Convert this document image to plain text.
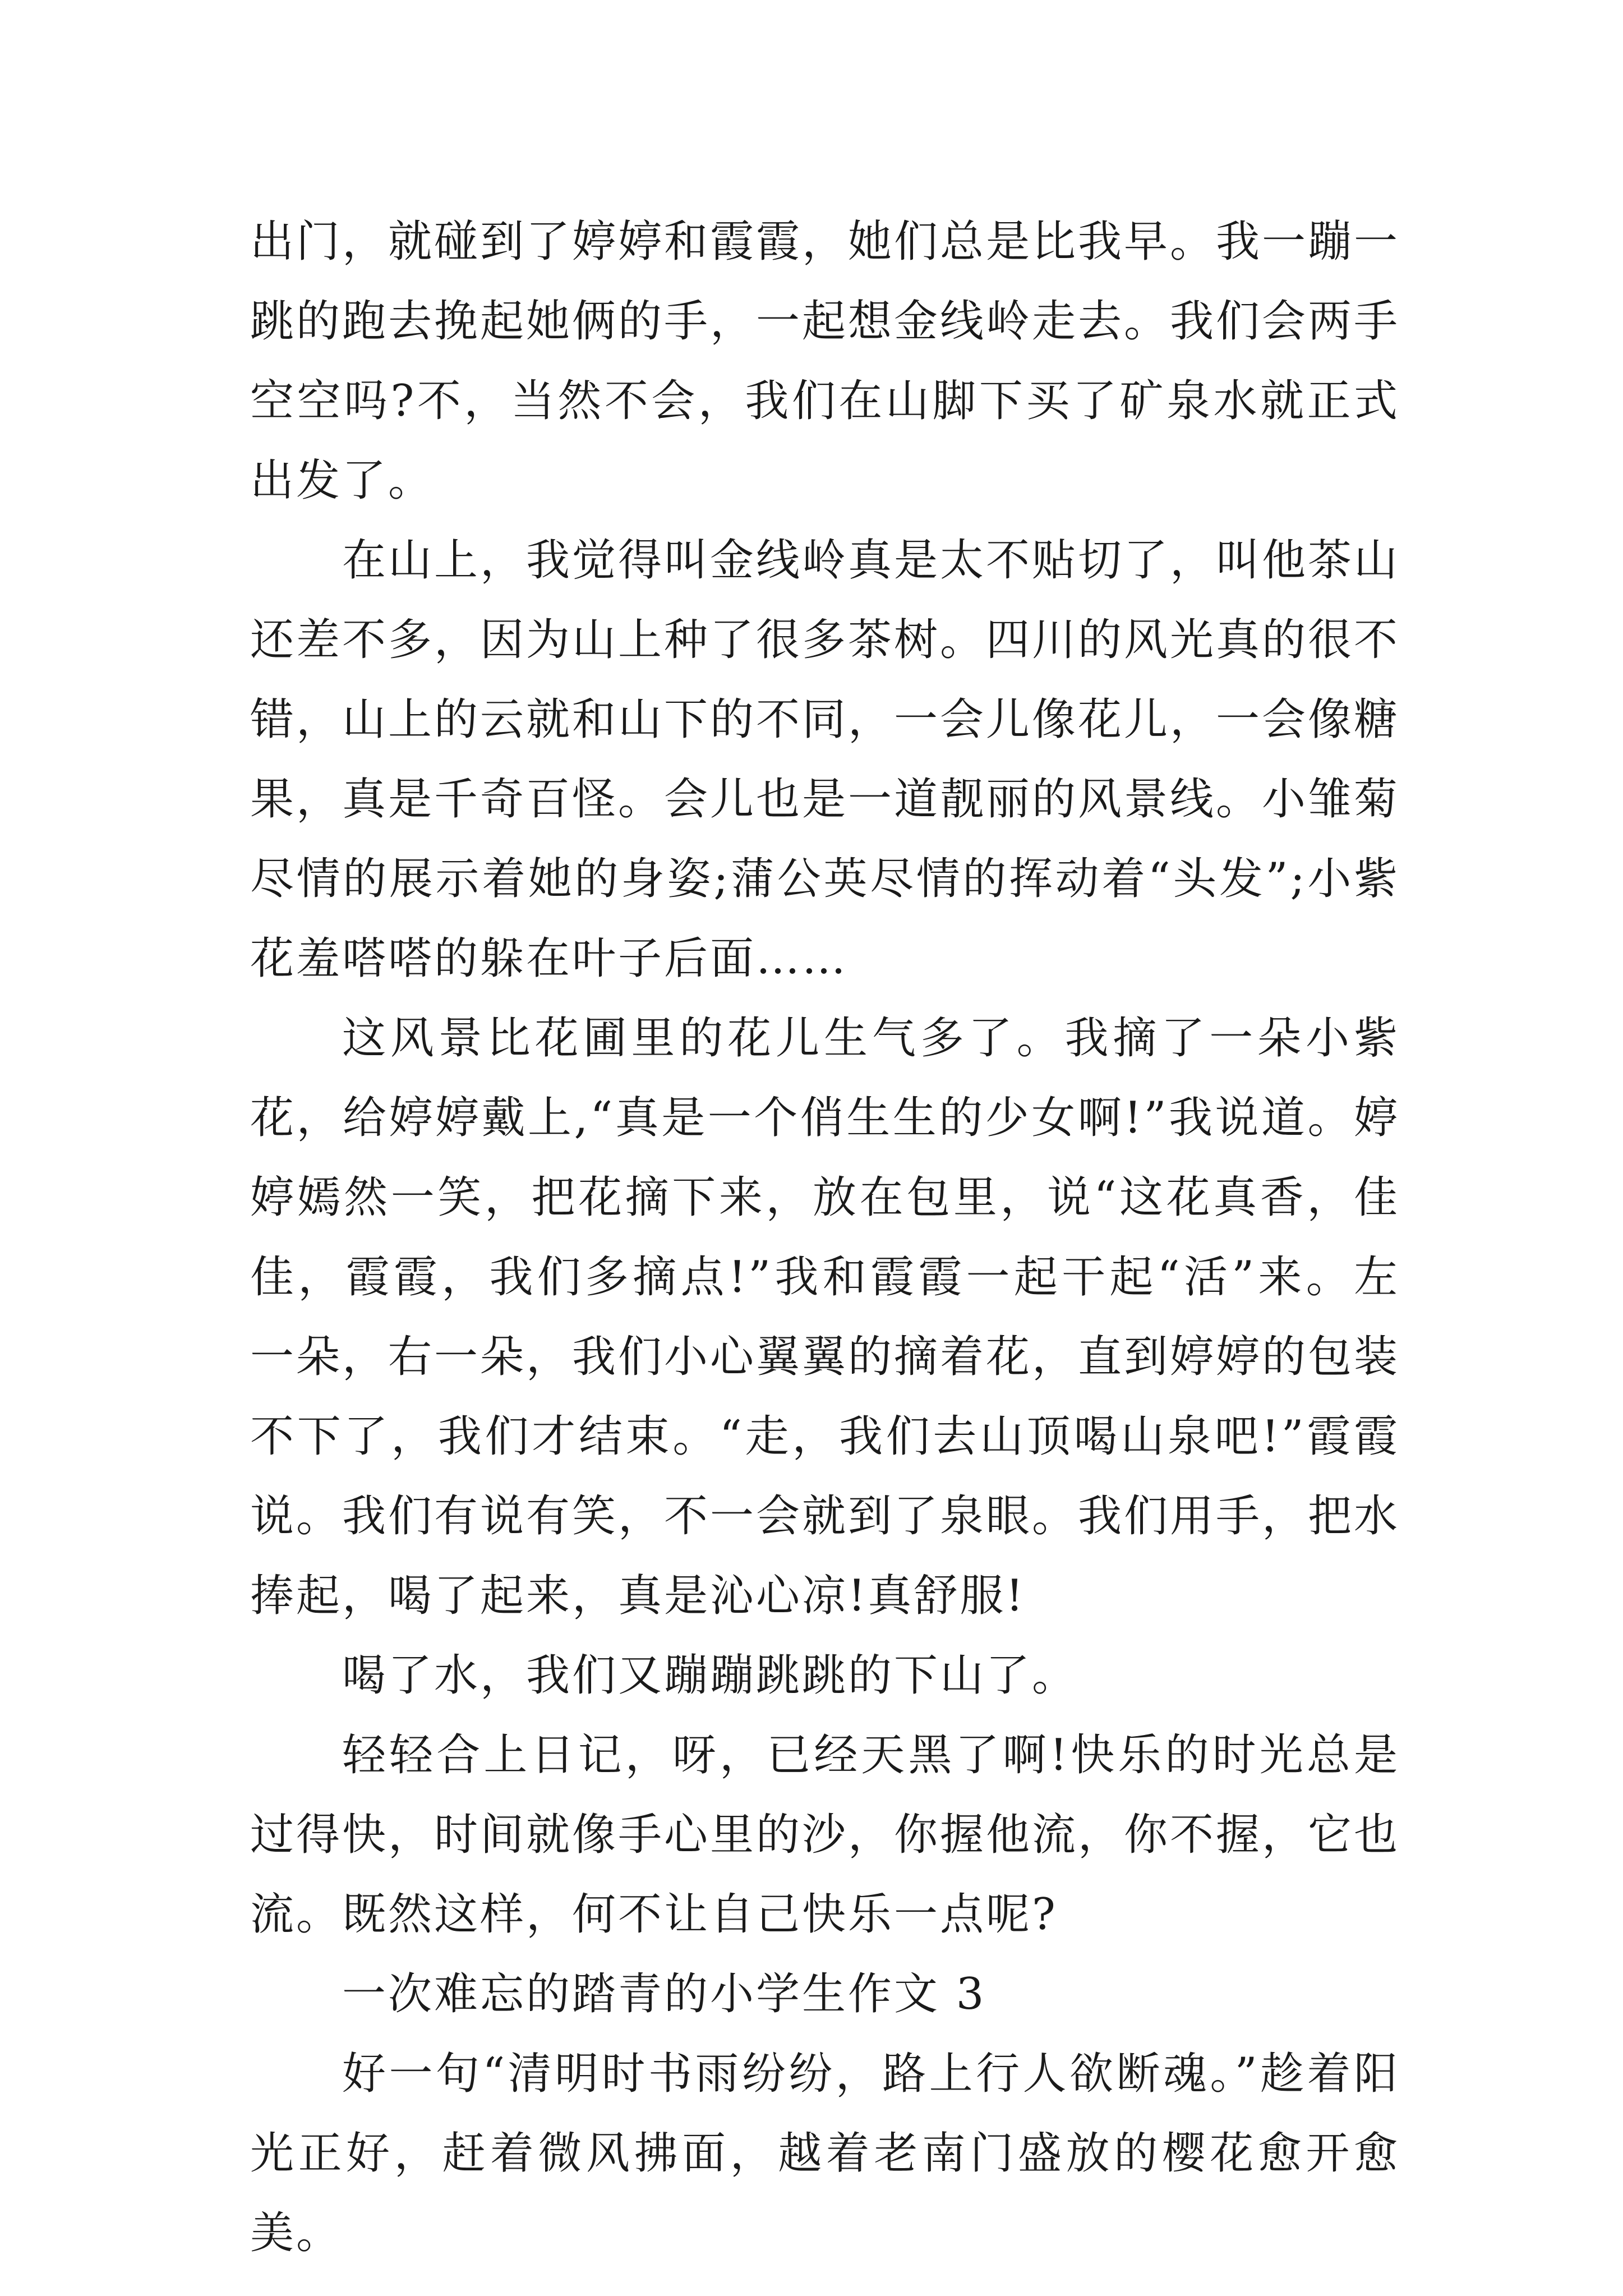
出门，就碰到了婷婷和霞霞，她们总是比我早。我一蹦一跳的跑去挽起她俩的手，一起想金线岭走去。我们会两手空空吗?不，当然不会，我们在山脚下买了矿泉水就正式出发了。

在山上，我觉得叫金线岭真是太不贴切了，叫他茶山还差不多，因为山上种了很多茶树。四川的风光真的很不错，山上的云就和山下的不同，一会儿像花儿，一会像糖果，真是千奇百怪。会儿也是一道靓丽的风景线。小雏菊尽情的展示着她的身姿;蒲公英尽情的挥动着“头发”;小紫花羞嗒嗒的躲在叶子后面……

这风景比花圃里的花儿生气多了。我摘了一朵小紫花，给婷婷戴上,“真是一个俏生生的少女啊!”我说道。婷婷嫣然一笑，把花摘下来，放在包里，说“这花真香，佳佳，霞霞，我们多摘点!”我和霞霞一起干起“活”来。左一朵，右一朵，我们小心翼翼的摘着花，直到婷婷的包装不下了，我们才结束。“走，我们去山顶喝山泉吧!”霞霞说。我们有说有笑，不一会就到了泉眼。我们用手，把水捧起，喝了起来，真是沁心凉!真舒服!

喝了水，我们又蹦蹦跳跳的下山了。

轻轻合上日记，呀，已经天黑了啊!快乐的时光总是过得快，时间就像手心里的沙，你握他流，你不握，它也流。既然这样，何不让自己快乐一点呢?

一次难忘的踏青的小学生作文 3

好一句“清明时书雨纷纷，路上行人欲断魂。”趁着阳光正好，赶着微风拂面，越着老南门盛放的樱花愈开愈美。
